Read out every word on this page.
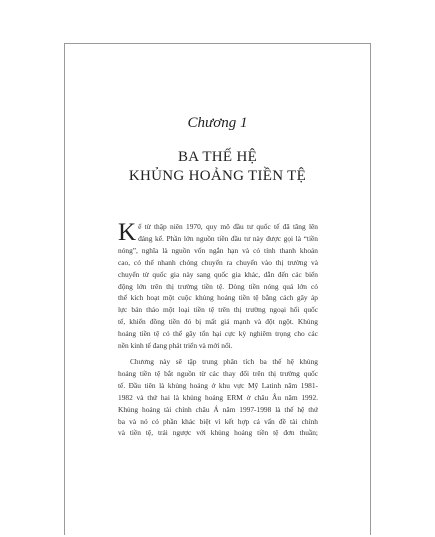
Chương 1
BA THẾ HỆ
KHỦNG HOẢNG TIỀN TỆ
K ể từ thập niên 1970, quy mô đầu tư quốc tế đã tăng lên
đáng kể. Phần lớn nguồn tiền đầu tư này được gọi là “tiền
nóng”, nghĩa là nguồn vốn ngắn hạn và có tính thanh khoản
cao, có thể nhanh chóng chuyển ra chuyển vào thị trường và
chuyển từ quốc gia này sang quốc gia khác, dẫn đến các biến
động lớn trên thị trường tiền tệ. Dòng tiền nóng quá lớn có
thể kích hoạt một cuộc khủng hoảng tiền tệ bằng cách gây áp
lực bán tháo một loại tiền tệ trên thị trường ngoại hối quốc
tế, khiến đồng tiền đó bị mất giá mạnh và đột ngột. Khủng
hoảng tiền tệ có thể gây tổn hại cực kỳ nghiêm trọng cho các
nền kinh tế đang phát triển và mới nổi.
Chương này sẽ tập trung phân tích ba thế hệ khủng
hoảng tiền tệ bắt nguồn từ các thay đổi trên thị trường quốc
tế. Đầu tiên là khủng hoảng ở khu vực Mỹ Latinh năm 1981-
1982 và thứ hai là khủng hoảng ERM ở châu Âu năm 1992.
Khủng hoảng tài chính châu Á năm 1997-1998 là thế hệ thứ
ba và nó có phần khác biệt vì kết hợp cả vấn đề tài chính
và tiền tệ, trái ngược với khủng hoảng tiền tệ đơn thuần;
